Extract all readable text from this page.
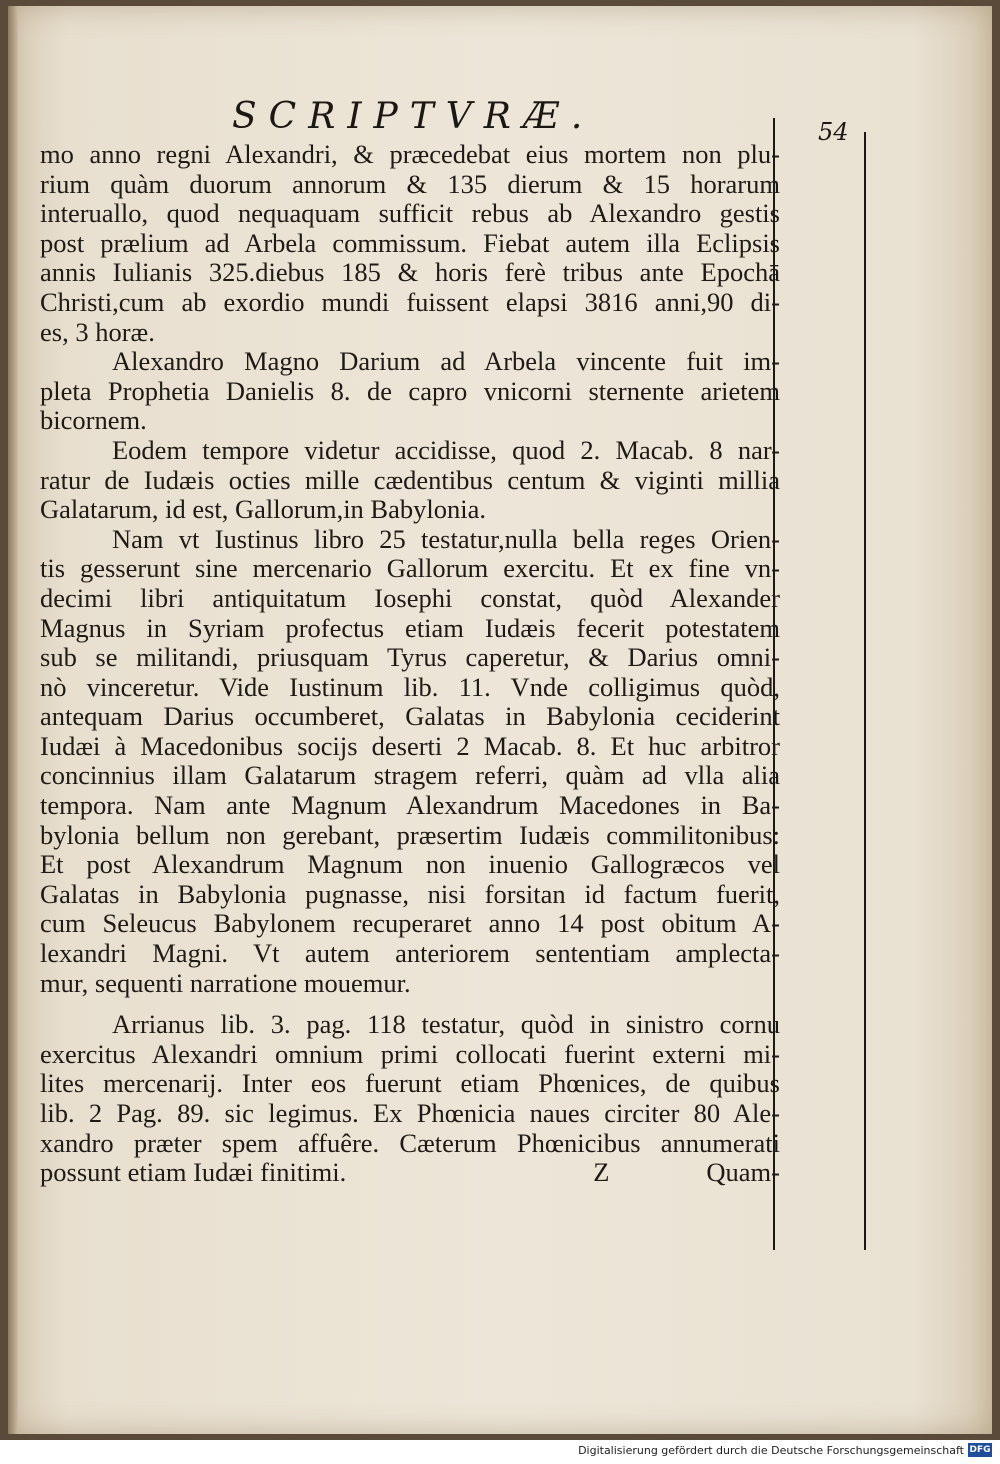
SCRIPTVRÆ.	54
mo anno regni Alexandri, & præcedebat eius mortem non plu-
rium quàm duorum annorum & 135 dierum & 15 horarum
interuallo, quod nequaquam sufficit rebus ab Alexandro gestis
post prælium ad Arbela commissum. Fiebat autem illa Eclipsis
annis Iulianis 325.diebus 185 & horis ferè tribus ante Epochā
Christi,cum ab exordio mundi fuissent elapsi 3816 anni,90 di-
es, 3 horæ.
Alexandro Magno Darium ad Arbela vincente fuit im-
pleta Prophetia Danielis 8. de capro vnicorni sternente arietem
bicornem.
Eodem tempore videtur accidisse, quod 2. Macab. 8 nar-
ratur de Iudæis octies mille cædentibus centum & viginti millia
Galatarum, id est, Gallorum,in Babylonia.
Nam vt Iustinus libro 25 testatur,nulla bella reges Orien-
tis gesserunt sine mercenario Gallorum exercitu. Et ex fine vn-
decimi libri antiquitatum Iosephi constat, quòd Alexander
Magnus in Syriam profectus etiam Iudæis fecerit potestatem
sub se militandi, priusquam Tyrus caperetur, & Darius omni-
nò vinceretur. Vide Iustinum lib. 11. Vnde colligimus quòd,
antequam Darius occumberet, Galatas in Babylonia ceciderint
Iudæi à Macedonibus socijs deserti 2 Macab. 8. Et huc arbitror
concinnius illam Galatarum stragem referri, quàm ad vlla alia
tempora. Nam ante Magnum Alexandrum Macedones in Ba-
bylonia bellum non gerebant, præsertim Iudæis commilitonibus:
Et post Alexandrum Magnum non inuenio Gallogræcos vel
Galatas in Babylonia pugnasse, nisi forsitan id factum fuerit,
cum Seleucus Babylonem recuperaret anno 14 post obitum A-
lexandri Magni. Vt autem anteriorem sententiam amplecta-
mur, sequenti narratione mouemur.
Arrianus lib. 3. pag. 118 testatur, quòd in sinistro cornu
exercitus Alexandri omnium primi collocati fuerint externi mi-
lites mercenarij. Inter eos fuerunt etiam Phœnices, de quibus
lib. 2 Pag. 89. sic legimus. Ex Phœnicia naues circiter 80 Ale-
xandro præter spem affuêre. Cæterum Phœnicibus annumerati
possunt etiam Iudæi finitimi.	Z	Quam-
Digitalisierung gefördert durch die Deutsche Forschungsgemeinschaft DFG
